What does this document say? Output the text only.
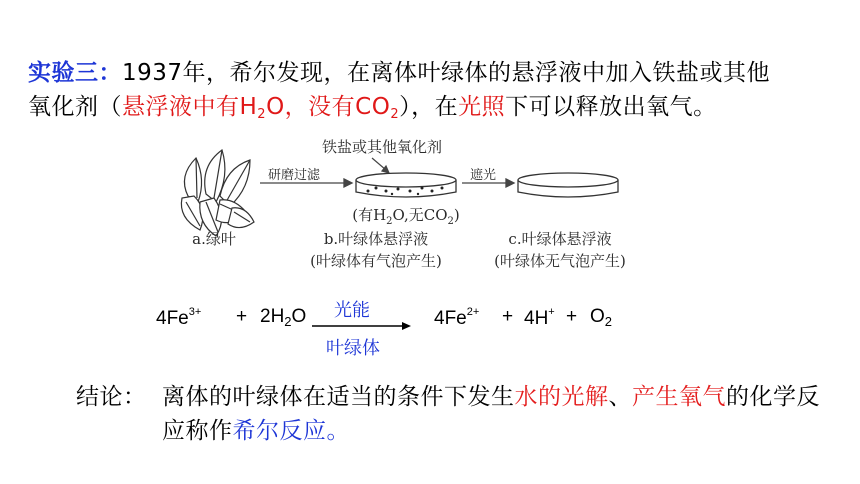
实验三：1937年，希尔发现，在离体叶绿体的悬浮液中加入铁盐或其他
氧化剂（悬浮液中有$H_2O$，没有$CO_2$），在光照下可以释放出氧气。
铁盐或其他氧化剂
研磨过滤	遮光
(有$H_2O$,无$CO_2$)
a.绿叶	b.叶绿体悬浮液
(叶绿体有气泡产生)
c.叶绿体悬浮液
(叶绿体无气泡产生)
$4Fe^{3+} + 2H_2O$ 光能
叶绿体
$4Fe^{2+} + 4H^+ + O_2$
结论： 离体的叶绿体在适当的条件下发生水的光解、产生氧气的化学反应称作希尔反应。
